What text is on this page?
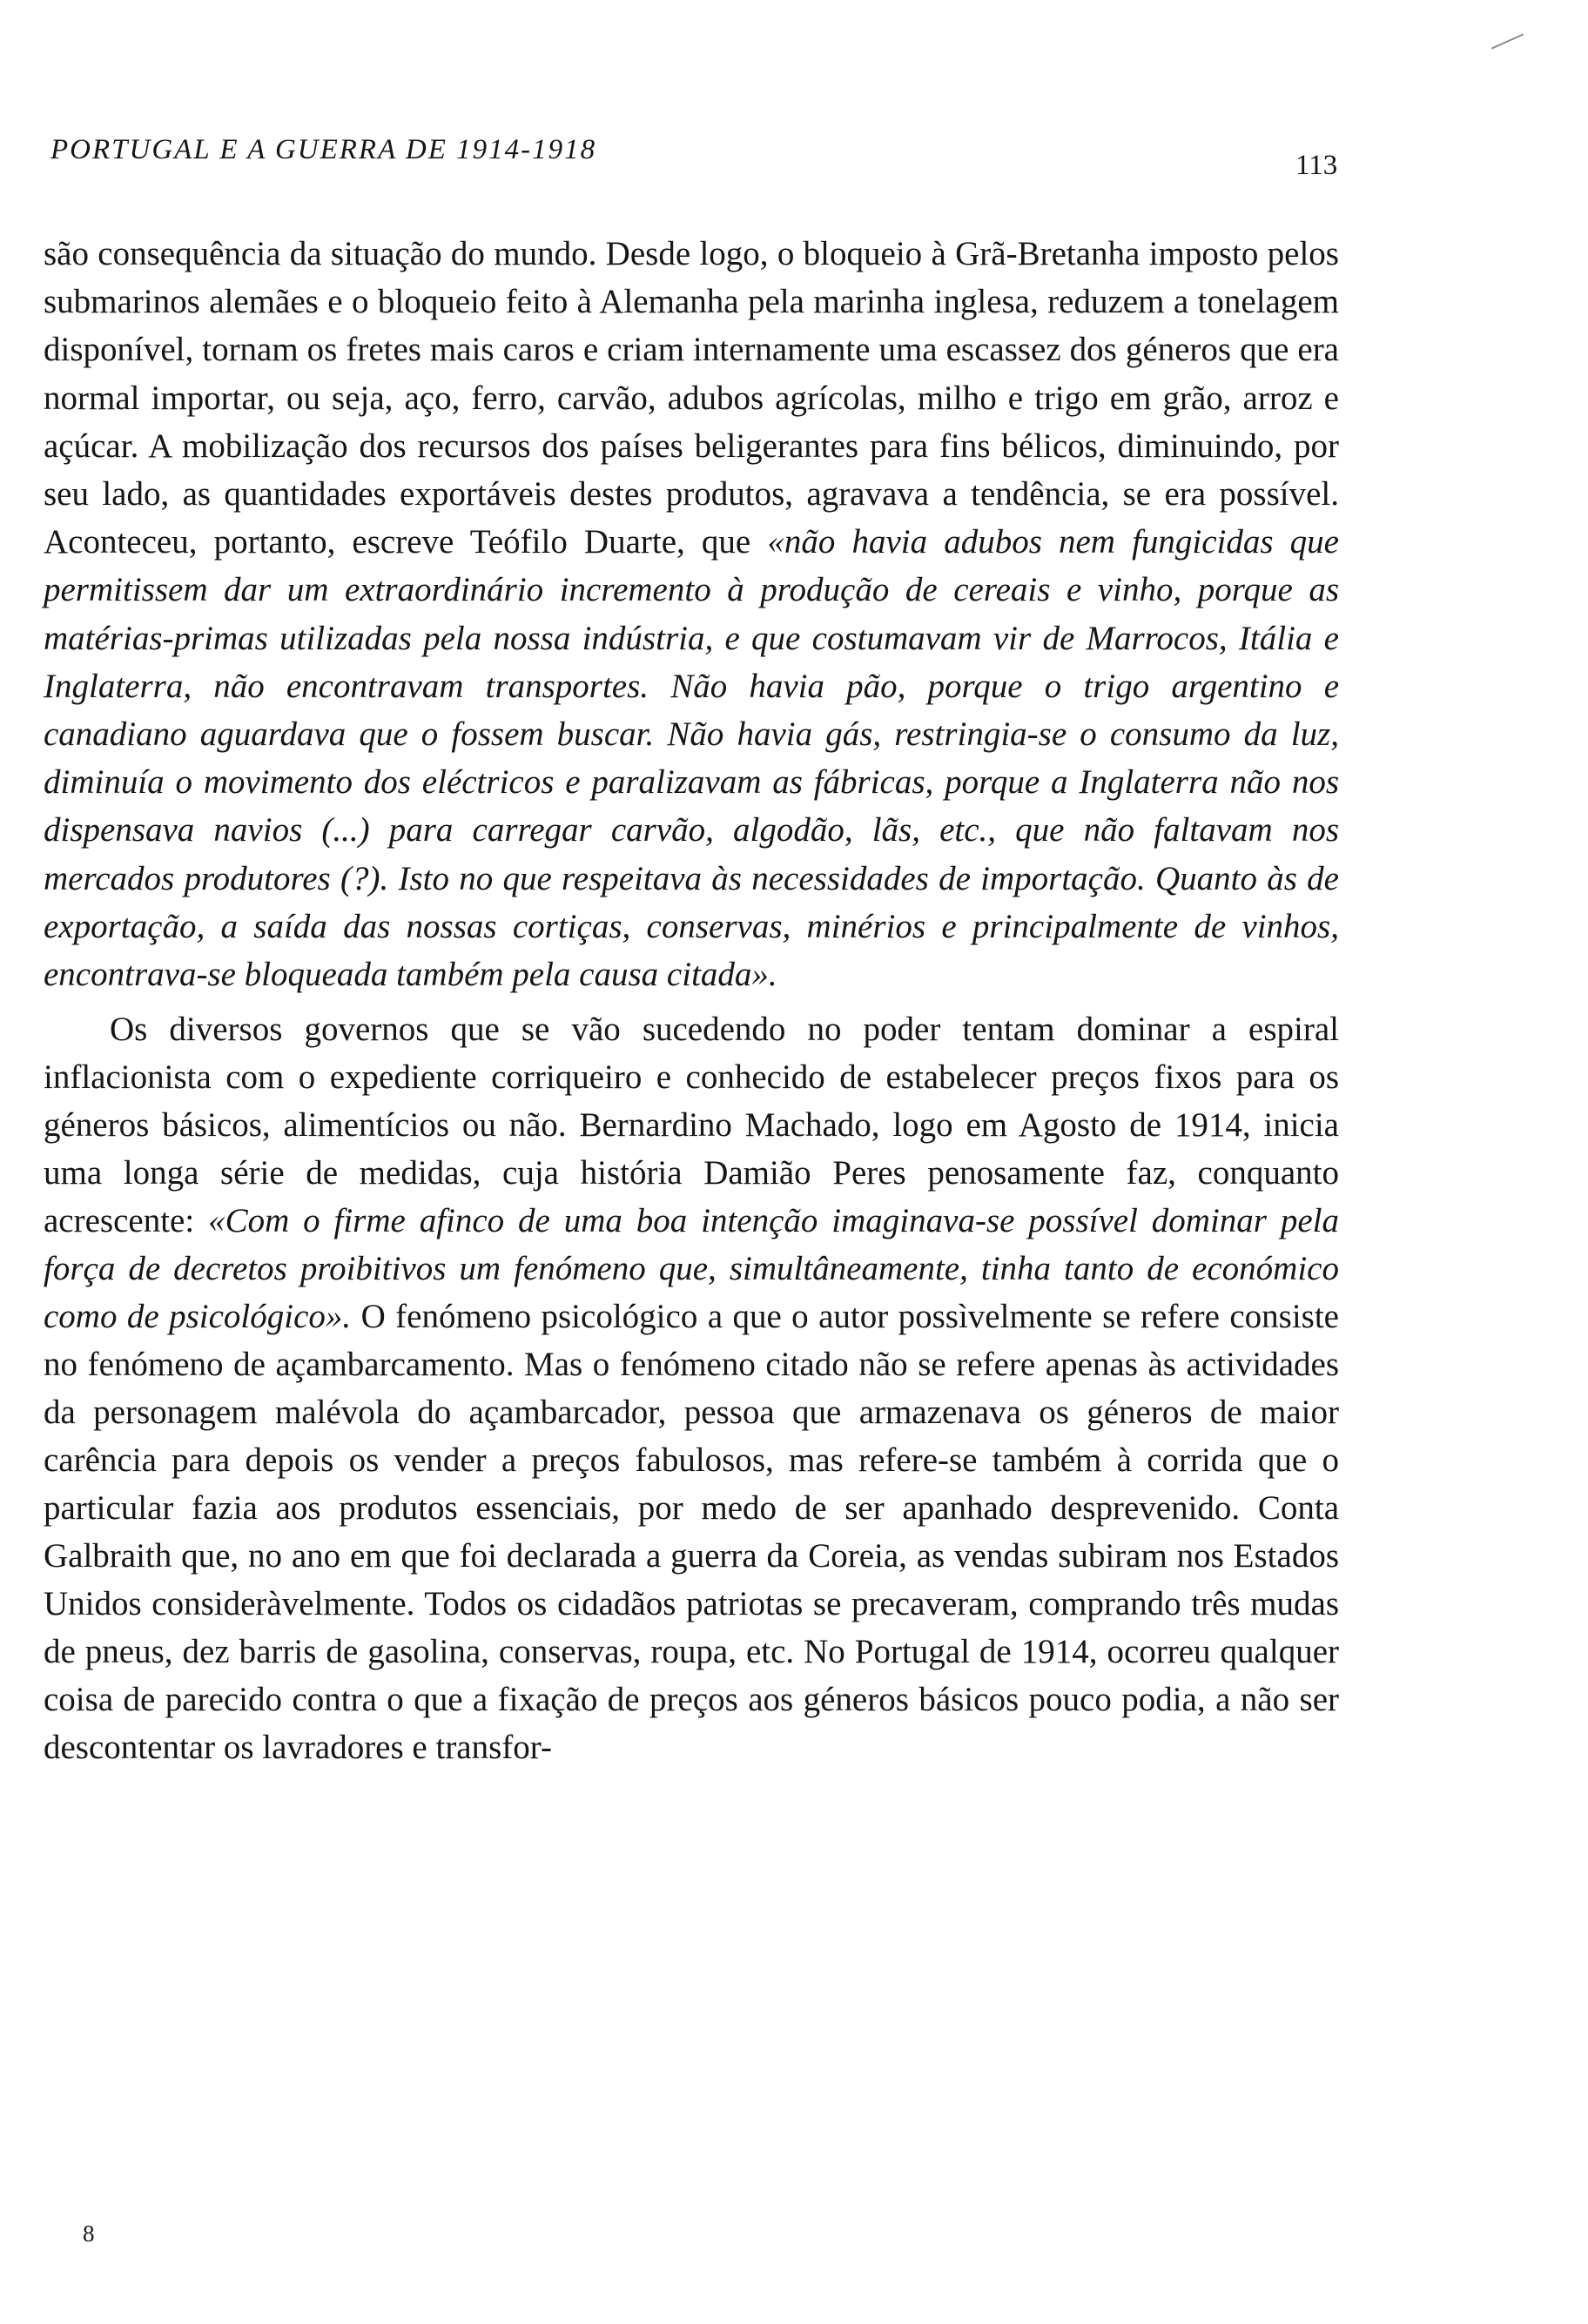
PORTUGAL E A GUERRA DE 1914-1918	113

são consequência da situação do mundo. Desde logo, o bloqueio à Grã-Bretanha imposto pelos submarinos alemães e o bloqueio feito à Alemanha pela marinha inglesa, reduzem a tonelagem disponível, tornam os fretes mais caros e criam internamente uma escassez dos géneros que era normal importar, ou seja, aço, ferro, carvão, adubos agrícolas, milho e trigo em grão, arroz e açúcar. A mobilização dos recursos dos países beligerantes para fins bélicos, diminuindo, por seu lado, as quantidades exportáveis destes produtos, agravava a tendência, se era possível. Aconteceu, portanto, escreve Teófilo Duarte, que «não havia adubos nem fungicidas que permitissem dar um extraordinário incremento à produção de cereais e vinho, porque as matérias-primas utilizadas pela nossa indústria, e que costumavam vir de Marrocos, Itália e Inglaterra, não encontravam transportes. Não havia pão, porque o trigo argentino e canadiano aguardava que o fossem buscar. Não havia gás, restringia-se o consumo da luz, diminuía o movimento dos eléctricos e paralizavam as fábricas, porque a Inglaterra não nos dispensava navios (...) para carregar carvão, algodão, lãs, etc., que não faltavam nos mercados produtores (?). Isto no que respeitava às necessidades de importação. Quanto às de exportação, a saída das nossas cortiças, conservas, minérios e principalmente de vinhos, encontrava-se bloqueada também pela causa citada».

Os diversos governos que se vão sucedendo no poder tentam dominar a espiral inflacionista com o expediente corriqueiro e conhecido de estabelecer preços fixos para os géneros básicos, alimentícios ou não. Bernardino Machado, logo em Agosto de 1914, inicia uma longa série de medidas, cuja história Damião Peres penosamente faz, conquanto acrescente: «Com o firme afinco de uma boa intenção imaginava-se possível dominar pela força de decretos proibitivos um fenómeno que, simultâneamente, tinha tanto de económico como de psicológico». O fenómeno psicológico a que o autor possìvelmente se refere consiste no fenómeno de açambarcamento. Mas o fenómeno citado não se refere apenas às actividades da personagem malévola do açambarcador, pessoa que armazenava os géneros de maior carência para depois os vender a preços fabulosos, mas refere-se também à corrida que o particular fazia aos produtos essenciais, por medo de ser apanhado desprevenido. Conta Galbraith que, no ano em que foi declarada a guerra da Coreia, as vendas subiram nos Estados Unidos consideràvelmente. Todos os cidadãos patriotas se precaveram, comprando três mudas de pneus, dez barris de gasolina, conservas, roupa, etc. No Portugal de 1914, ocorreu qualquer coisa de parecido contra o que a fixação de preços aos géneros básicos pouco podia, a não ser descontentar os lavradores e transfor-

8
